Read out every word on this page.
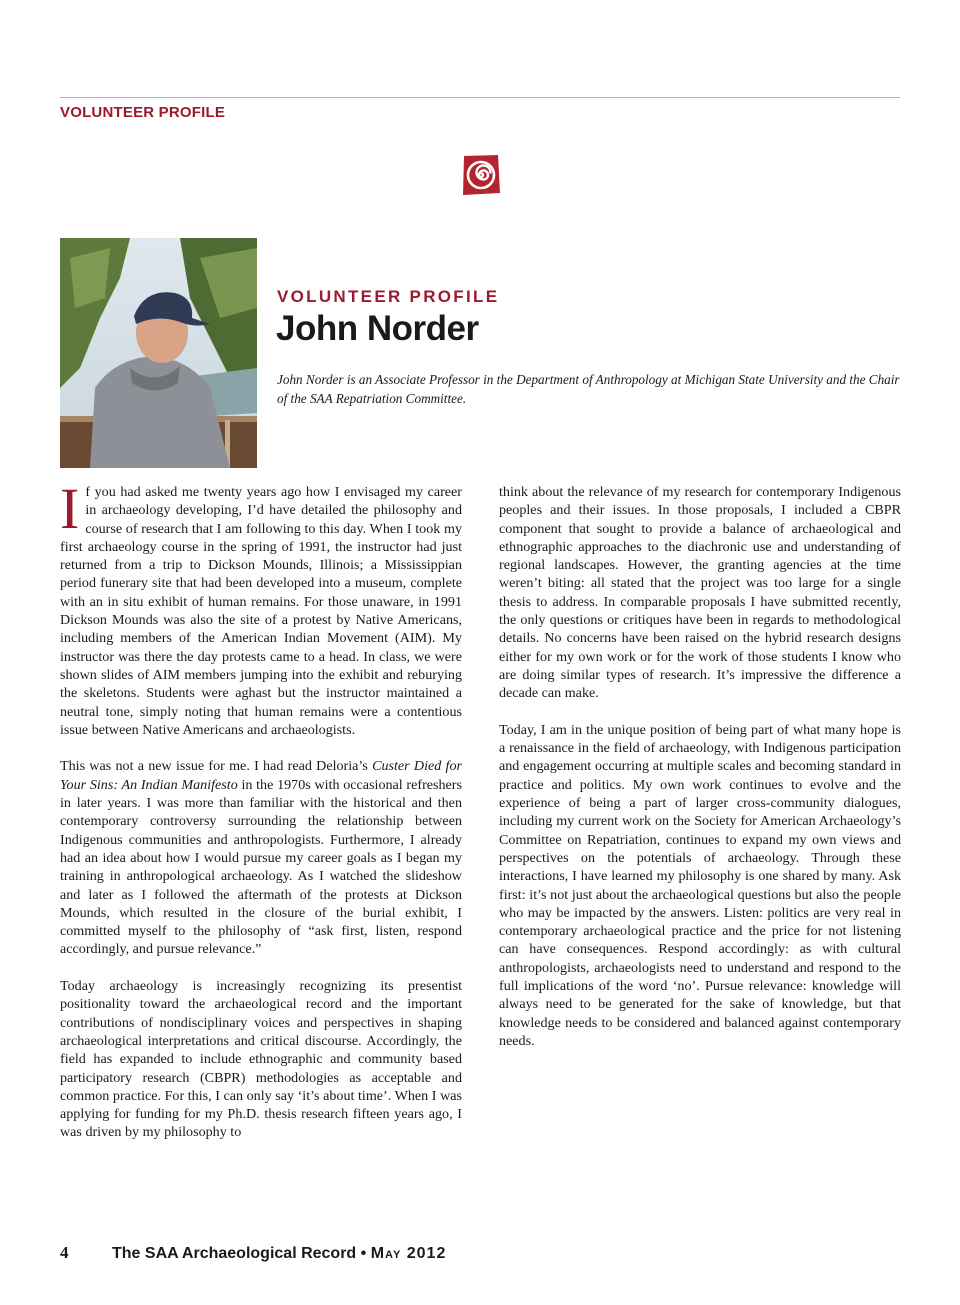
VOLUNTEER PROFILE
VOLUNTEER PROFILE
John Norder
John Norder is an Associate Professor in the Department of Anthropology at Michigan State University and the Chair of the SAA Repatriation Committee.

If you had asked me twenty years ago how I envisaged my career in archaeology developing, I’d have detailed the philosophy and course of research that I am following to this day. When I took my first archaeology course in the spring of 1991, the instructor had just returned from a trip to Dickson Mounds, Illinois; a Mississippian period funerary site that had been developed into a museum, complete with an in situ exhibit of human remains. For those unaware, in 1991 Dickson Mounds was also the site of a protest by Native Americans, including members of the American Indian Movement (AIM). My instructor was there the day protests came to a head. In class, we were shown slides of AIM members jumping into the exhibit and reburying the skeletons. Students were aghast but the instructor maintained a neutral tone, simply noting that human remains were a contentious issue between Native Americans and archaeologists.

This was not a new issue for me. I had read Deloria’s Custer Died for Your Sins: An Indian Manifesto in the 1970s with occasional refreshers in later years. I was more than familiar with the historical and then contemporary controversy surrounding the relationship between Indigenous communities and anthropologists. Furthermore, I already had an idea about how I would pursue my career goals as I began my training in anthropological archaeology. As I watched the slideshow and later as I followed the aftermath of the protests at Dickson Mounds, which resulted in the closure of the burial exhibit, I committed myself to the philosophy of “ask first, listen, respond accordingly, and pursue relevance.”

Today archaeology is increasingly recognizing its presentist positionality toward the archaeological record and the important contributions of nondisciplinary voices and perspectives in shaping archaeological interpretations and critical discourse. Accordingly, the field has expanded to include ethnographic and community based participatory research (CBPR) methodologies as acceptable and common practice. For this, I can only say ‘it’s about time’. When I was applying for funding for my Ph.D. thesis research fifteen years ago, I was driven by my philosophy to

think about the relevance of my research for contemporary Indigenous peoples and their issues. In those proposals, I included a CBPR component that sought to provide a balance of archaeological and ethnographic approaches to the diachronic use and understanding of regional landscapes. However, the granting agencies at the time weren’t biting: all stated that the project was too large for a single thesis to address. In comparable proposals I have submitted recently, the only questions or critiques have been in regards to methodological details. No concerns have been raised on the hybrid research designs either for my own work or for the work of those students I know who are doing similar types of research. It’s impressive the difference a decade can make.

Today, I am in the unique position of being part of what many hope is a renaissance in the field of archaeology, with Indigenous participation and engagement occurring at multiple scales and becoming standard in practice and politics. My own work continues to evolve and the experience of being a part of larger cross-community dialogues, including my current work on the Society for American Archaeology’s Committee on Repatriation, continues to expand my own views and perspectives on the potentials of archaeology. Through these interactions, I have learned my philosophy is one shared by many. Ask first: it’s not just about the archaeological questions but also the people who may be impacted by the answers. Listen: politics are very real in contemporary archaeological practice and the price for not listening can have consequences. Respond accordingly: as with cultural anthropologists, archaeologists need to understand and respond to the full implications of the word ‘no’. Pursue relevance: knowledge will always need to be generated for the sake of knowledge, but that knowledge needs to be considered and balanced against contemporary needs.

4	The SAA Archaeological Record • May 2012
